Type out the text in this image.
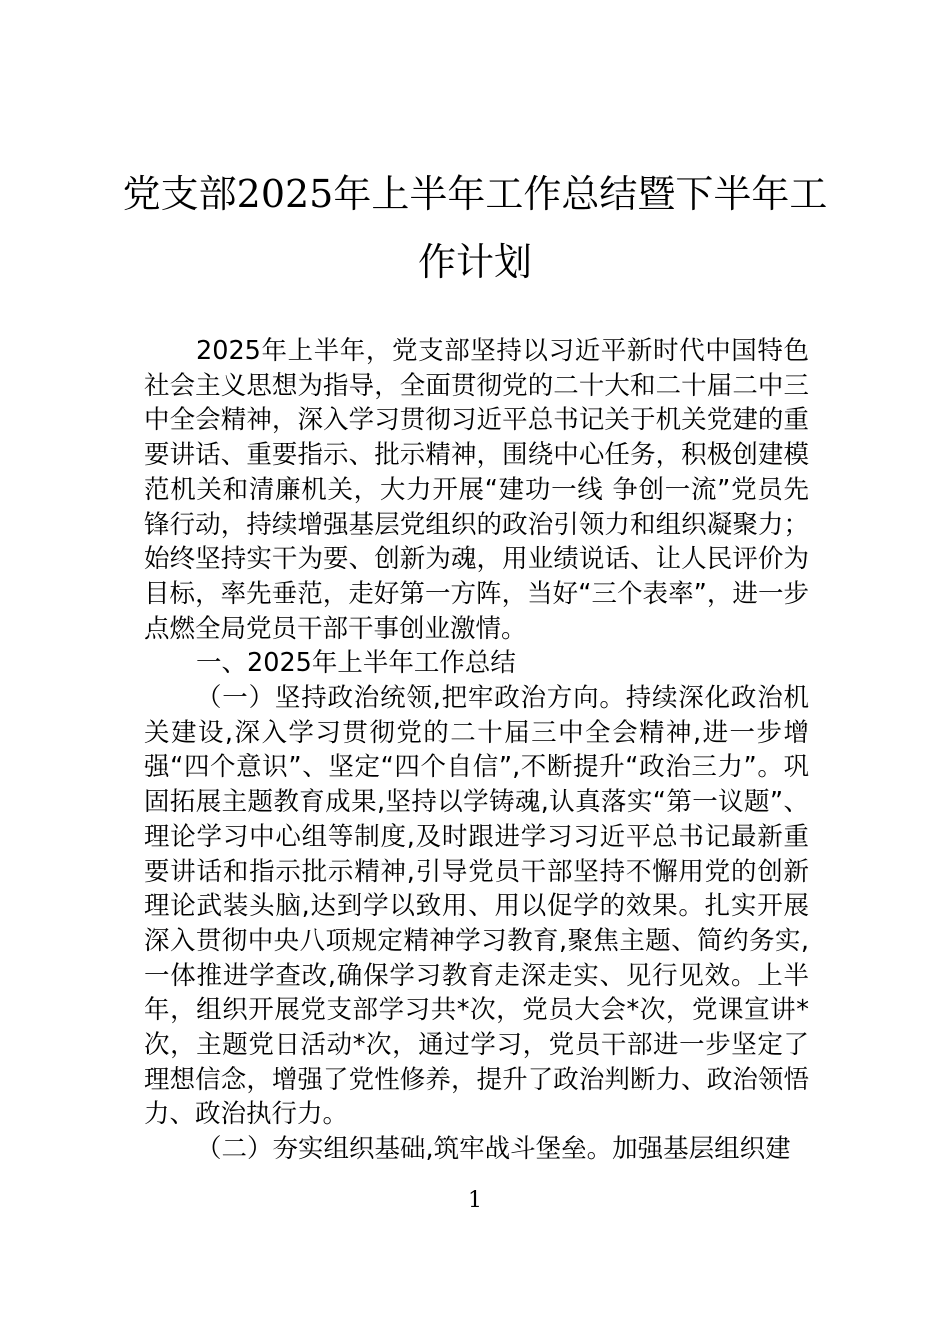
党支部2025年上半年工作总结暨下半年工
作计划

2025年上半年，党支部坚持以习近平新时代中国特色社会主义思想为指导，全面贯彻党的二十大和二十届二中三中全会精神，深入学习贯彻习近平总书记关于机关党建的重要讲话、重要指示、批示精神，围绕中心任务，积极创建模范机关和清廉机关，大力开展“建功一线 争创一流”党员先锋行动，持续增强基层党组织的政治引领力和组织凝聚力；始终坚持实干为要、创新为魂，用业绩说话、让人民评价为目标，率先垂范，走好第一方阵，当好“三个表率”，进一步点燃全局党员干部干事创业激情。

一、2025年上半年工作总结

（一）坚持政治统领,把牢政治方向。持续深化政治机关建设,深入学习贯彻党的二十届三中全会精神,进一步增强“四个意识”、坚定“四个自信”,不断提升“政治三力”。巩固拓展主题教育成果,坚持以学铸魂,认真落实“第一议题”、理论学习中心组等制度,及时跟进学习习近平总书记最新重要讲话和指示批示精神,引导党员干部坚持不懈用党的创新理论武装头脑,达到学以致用、用以促学的效果。扎实开展深入贯彻中央八项规定精神学习教育,聚焦主题、简约务实,一体推进学查改,确保学习教育走深走实、见行见效。上半年，组织开展党支部学习共*次，党员大会*次，党课宣讲*次，主题党日活动*次，通过学习，党员干部进一步坚定了理想信念，增强了党性修养，提升了政治判断力、政治领悟力、政治执行力。

（二）夯实组织基础,筑牢战斗堡垒。加强基层组织建

1
